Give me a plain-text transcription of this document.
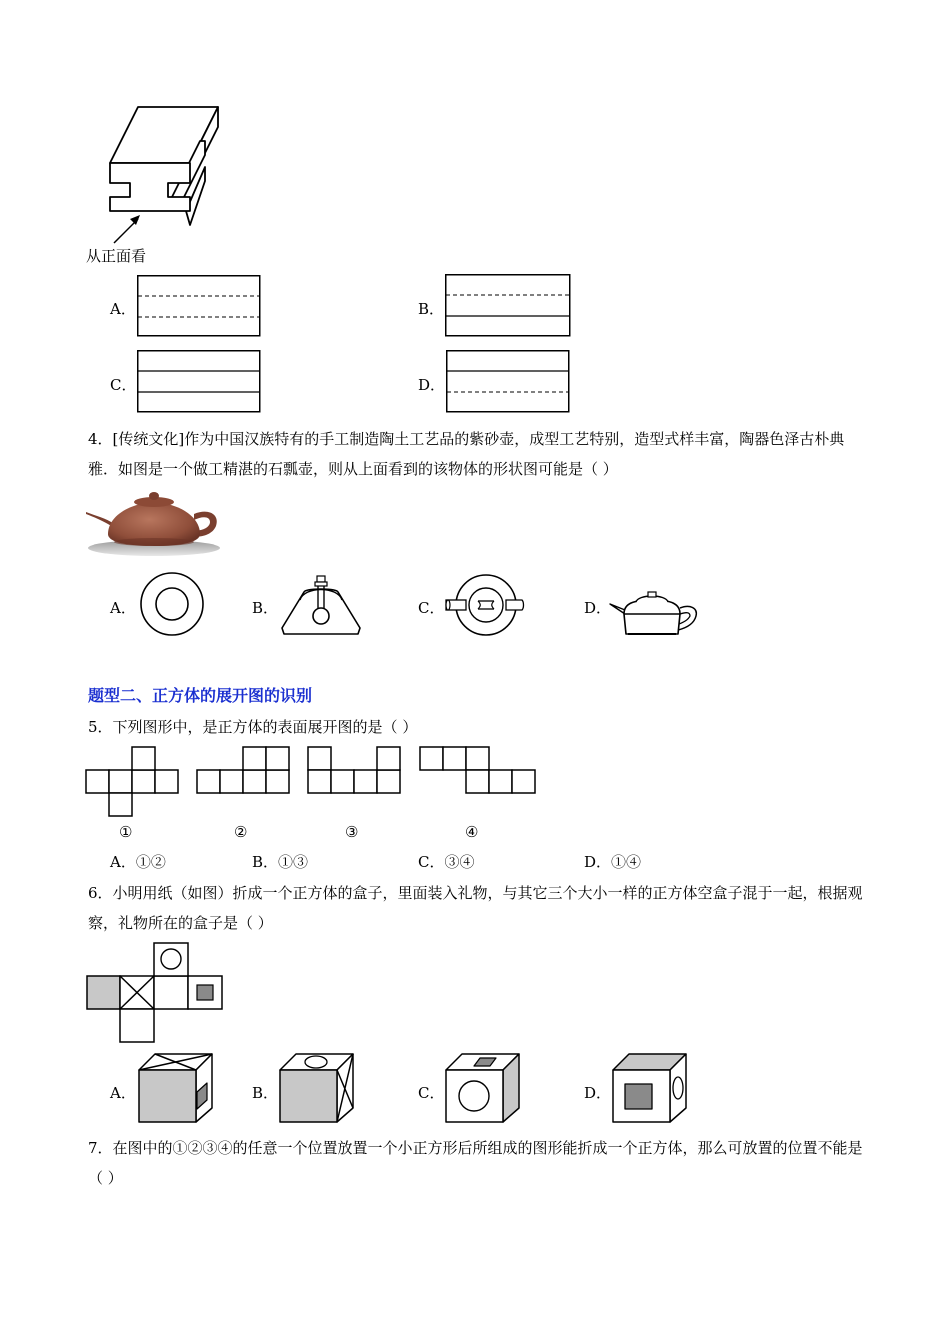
从正面看
A．	B．
C．	D．
4．[传统文化]作为中国汉族特有的手工制造陶土工艺品的紫砂壶，成型工艺特别，造型式样丰富，陶器色泽古朴典雅．如图是一个做工精湛的石瓢壶，则从上面看到的该物体的形状图可能是（ ）
A．	B．	C．	D．
题型二、正方体的展开图的识别
5．下列图形中，是正方体的表面展开图的是（ ）
①	②	③	④
A．①②	B．①③	C．③④	D．①④
6．小明用纸（如图）折成一个正方体的盒子，里面装入礼物，与其它三个大小一样的正方体空盒子混于一起，根据观察，礼物所在的盒子是（ ）
A．	B．	C．	D．
7．在图中的①②③④的任意一个位置放置一个小正方形后所组成的图形能折成一个正方体，那么可放置的位置不能是（ ）
